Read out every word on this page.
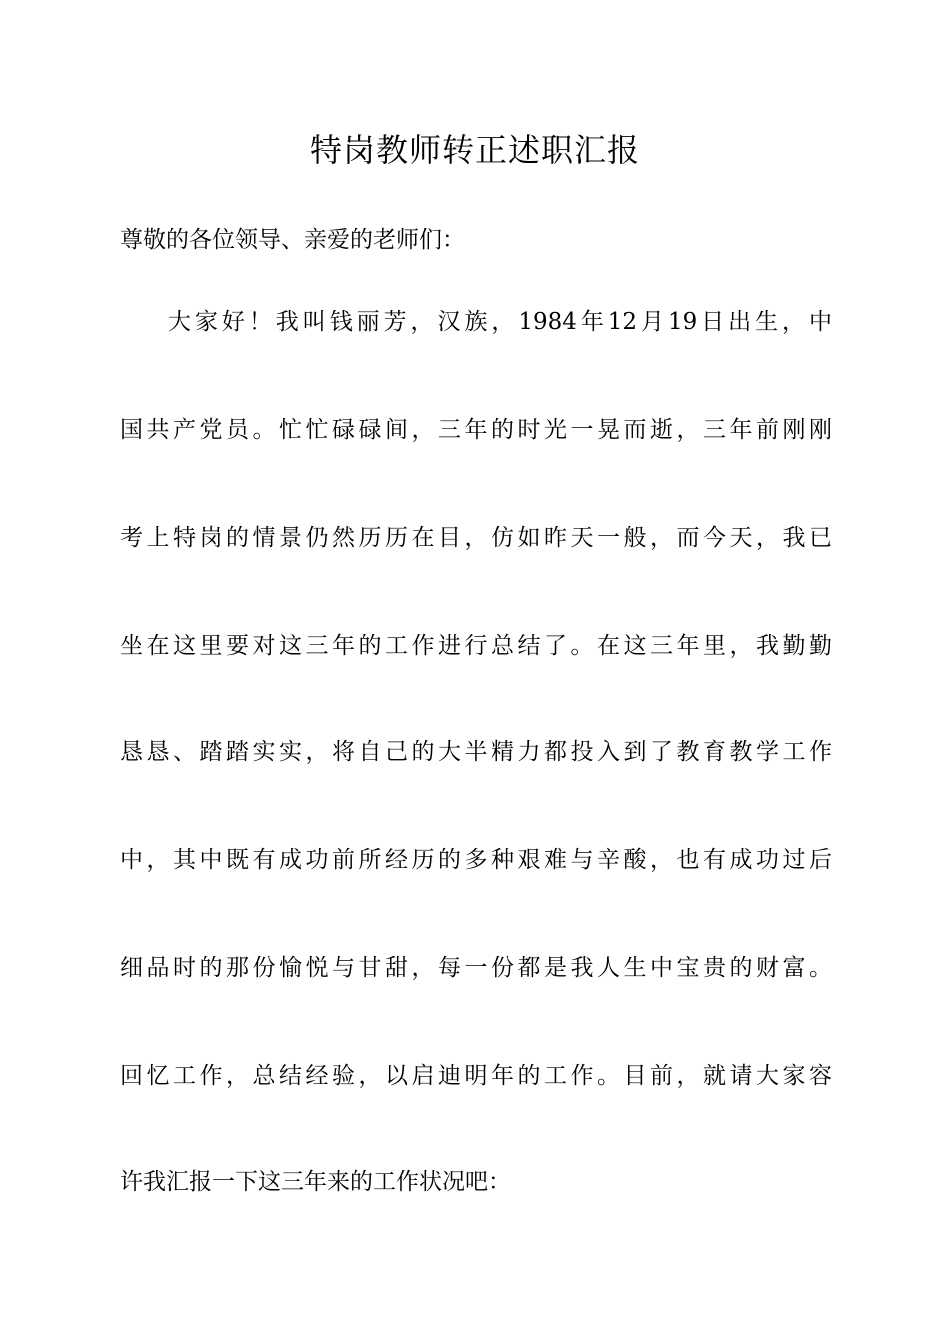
特岗教师转正述职汇报
尊敬的各位领导、亲爱的老师们：
大家好！我叫钱丽芳，汉族，1984年12月19日出生，中
国共产党员。忙忙碌碌间，三年的时光一晃而逝，三年前刚刚
考上特岗的情景仍然历历在目，仿如昨天一般，而今天，我已
坐在这里要对这三年的工作进行总结了。在这三年里，我勤勤
恳恳、踏踏实实，将自己的大半精力都投入到了教育教学工作
中，其中既有成功前所经历的多种艰难与辛酸，也有成功过后
细品时的那份愉悦与甘甜，每一份都是我人生中宝贵的财富。
回忆工作，总结经验，以启迪明年的工作。目前，就请大家容
许我汇报一下这三年来的工作状况吧：
